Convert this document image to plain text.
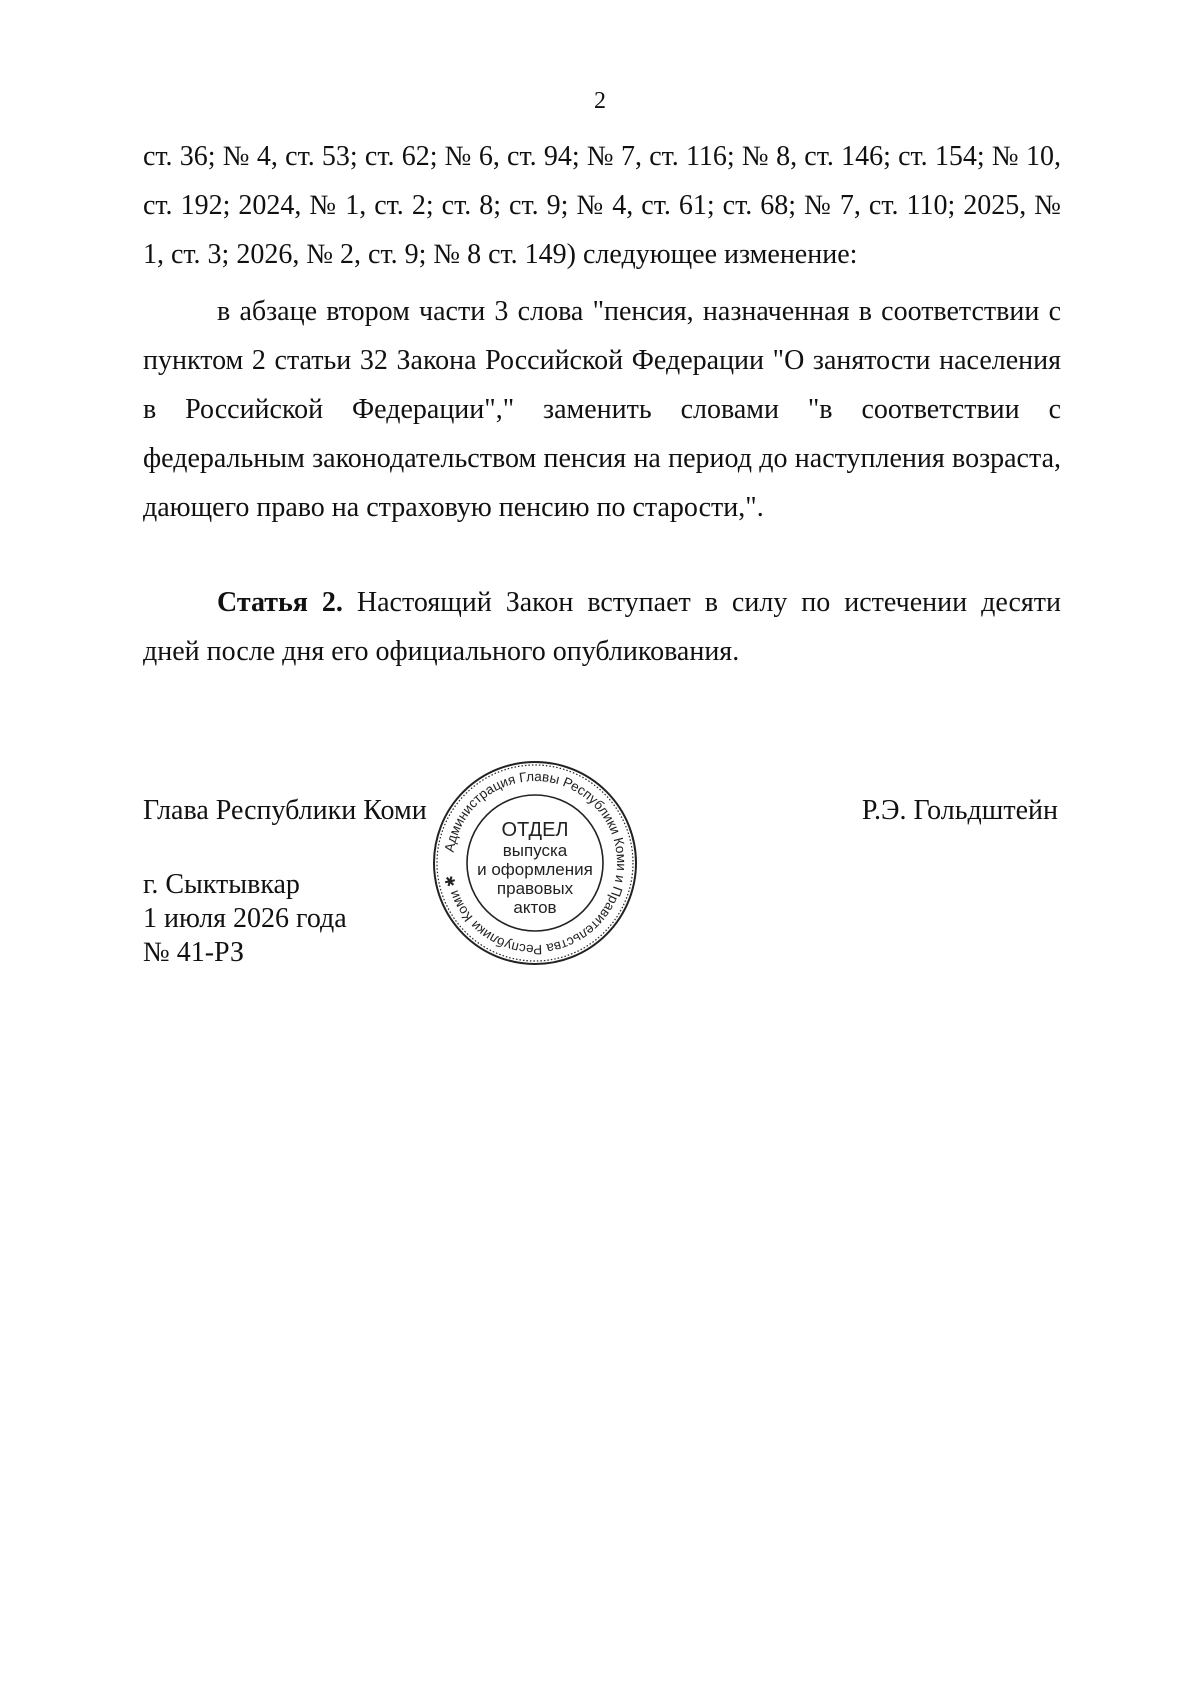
2

ст. 36; № 4, ст. 53; ст. 62; № 6, ст. 94; № 7, ст. 116; № 8, ст. 146; ст. 154; № 10, ст. 192; 2024, № 1, ст. 2; ст. 8; ст. 9; № 4, ст. 61; ст. 68; № 7, ст. 110; 2025, № 1, ст. 3; 2026, № 2, ст. 9; № 8 ст. 149) следующее изменение:

в абзаце втором части 3 слова "пенсия, назначенная в соответствии с пунктом 2 статьи 32 Закона Российской Федерации "О занятости населения в Российской Федерации"," заменить словами "в соответствии с федеральным законодательством пенсия на период до наступления возраста, дающего право на страховую пенсию по старости,".

Статья 2. Настоящий Закон вступает в силу по истечении десяти дней после дня его официального опубликования.

Глава Республики Коми	Р.Э. Гольдштейн
г. Сыктывкар
1 июля 2026 года
№ 41-РЗ
Администрация Главы Республики Коми и Правительства Республики Коми ✱
ОТДЕЛ
выпуска
и оформления
правовых
актов
